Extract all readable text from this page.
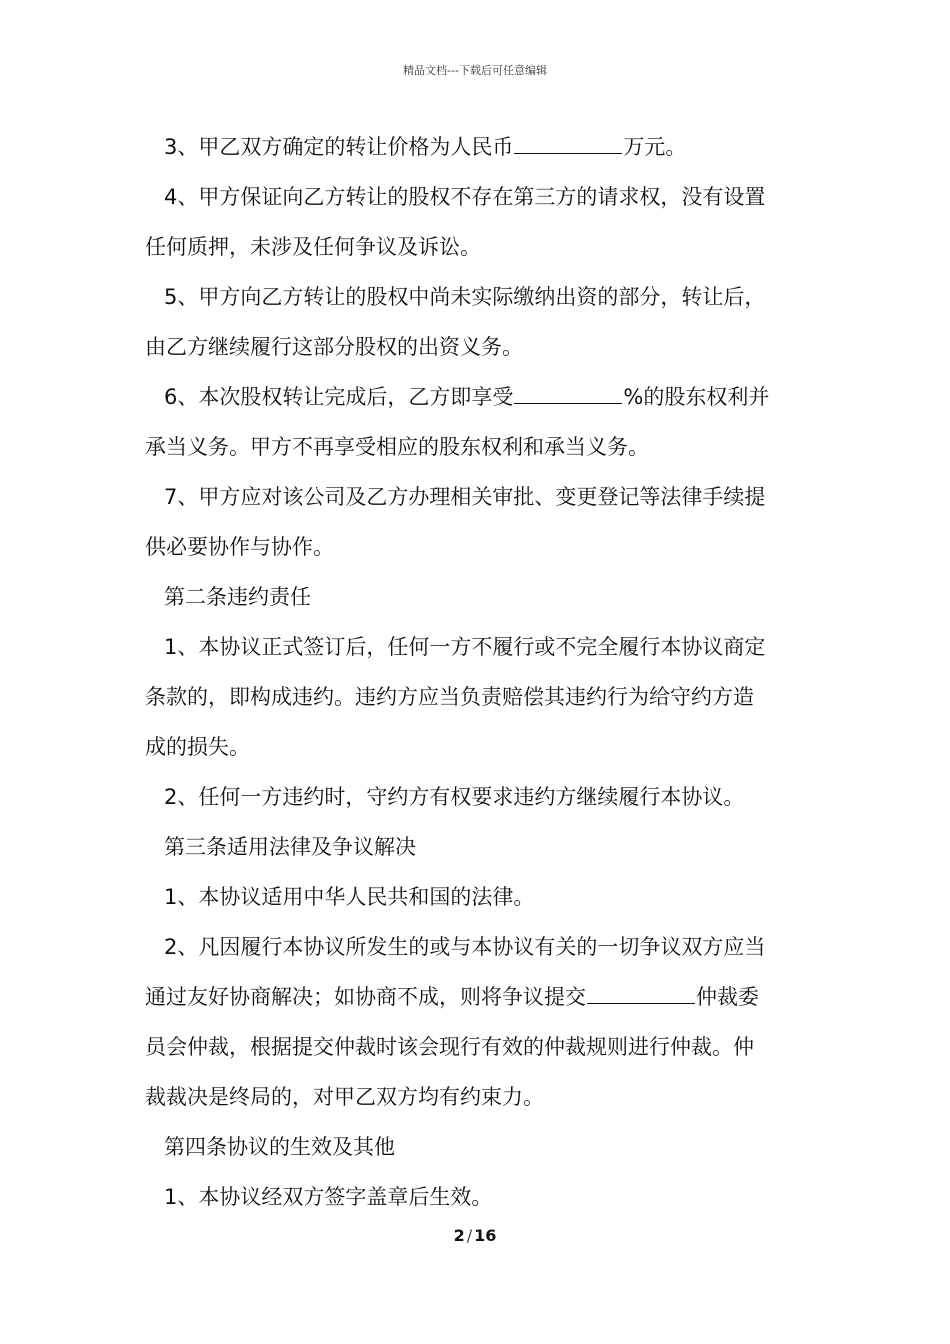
精品文档---下载后可任意编辑
3、甲乙双方确定的转让价格为人民币	万元。
4、甲方保证向乙方转让的股权不存在第三方的请求权，没有设置
任何质押，未涉及任何争议及诉讼。
5、甲方向乙方转让的股权中尚未实际缴纳出资的部分，转让后，
由乙方继续履行这部分股权的出资义务。
6、本次股权转让完成后，乙方即享受	%的股东权利并
承当义务。甲方不再享受相应的股东权利和承当义务。
7、甲方应对该公司及乙方办理相关审批、变更登记等法律手续提
供必要协作与协作。
第二条违约责任
1、本协议正式签订后，任何一方不履行或不完全履行本协议商定
条款的，即构成违约。违约方应当负责赔偿其违约行为给守约方造
成的损失。
2、任何一方违约时，守约方有权要求违约方继续履行本协议。
第三条适用法律及争议解决
1、本协议适用中华人民共和国的法律。
2、凡因履行本协议所发生的或与本协议有关的一切争议双方应当
通过友好协商解决；如协商不成，则将争议提交	仲裁委
员会仲裁，根据提交仲裁时该会现行有效的仲裁规则进行仲裁。仲
裁裁决是终局的，对甲乙双方均有约束力。
第四条协议的生效及其他
1、本协议经双方签字盖章后生效。
2 / 16
